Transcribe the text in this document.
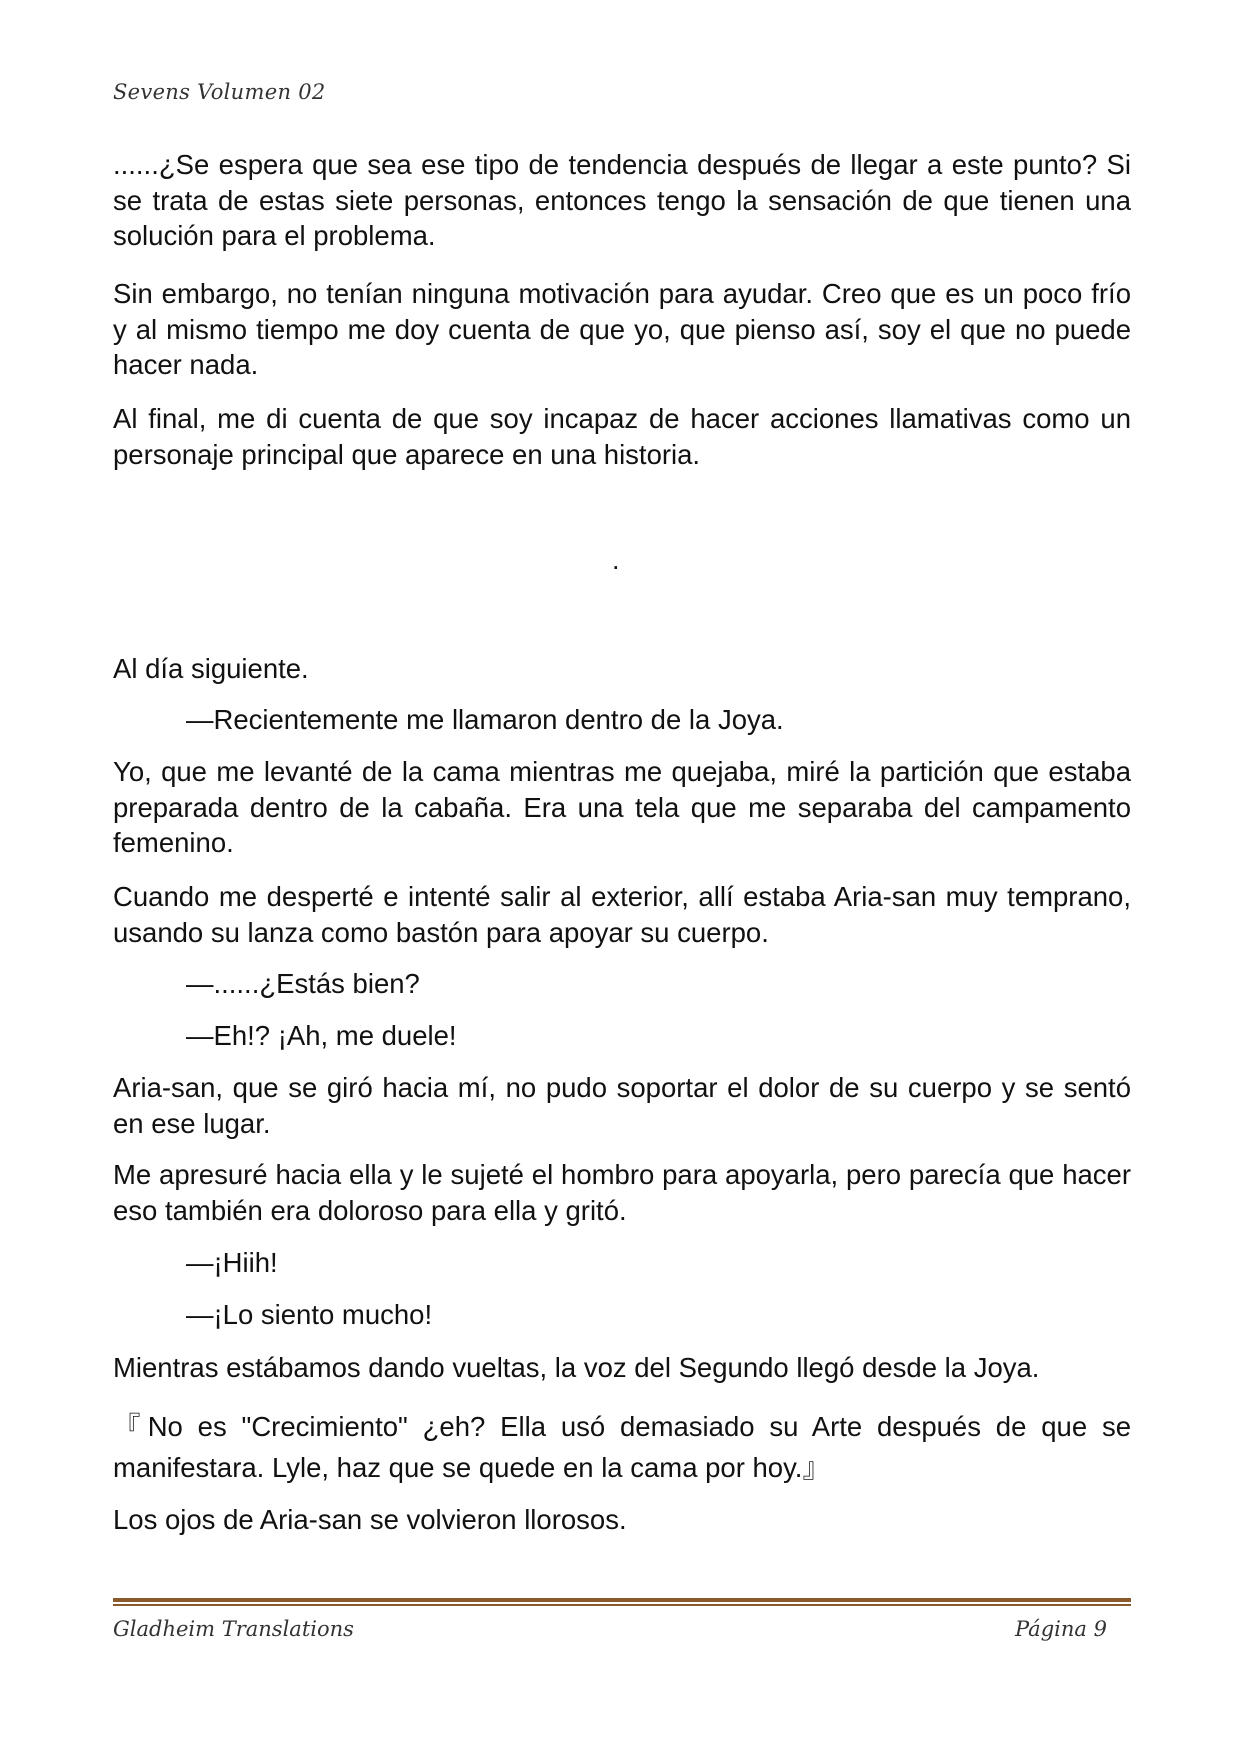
Sevens Volumen 02

......¿Se espera que sea ese tipo de tendencia después de llegar a este punto? Si se trata de estas siete personas, entonces tengo la sensación de que tienen una solución para el problema.

Sin embargo, no tenían ninguna motivación para ayudar. Creo que es un poco frío y al mismo tiempo me doy cuenta de que yo, que pienso así, soy el que no puede hacer nada.

Al final, me di cuenta de que soy incapaz de hacer acciones llamativas como un personaje principal que aparece en una historia.

.

Al día siguiente.

—Recientemente me llamaron dentro de la Joya.

Yo, que me levanté de la cama mientras me quejaba, miré la partición que estaba preparada dentro de la cabaña. Era una tela que me separaba del campamento femenino.

Cuando me desperté e intenté salir al exterior, allí estaba Aria-san muy temprano, usando su lanza como bastón para apoyar su cuerpo.

—......¿Estás bien?

—Eh!? ¡Ah, me duele!

Aria-san, que se giró hacia mí, no pudo soportar el dolor de su cuerpo y se sentó en ese lugar.

Me apresuré hacia ella y le sujeté el hombro para apoyarla, pero parecía que hacer eso también era doloroso para ella y gritó.

—¡Hiih!

—¡Lo siento mucho!

Mientras estábamos dando vueltas, la voz del Segundo llegó desde la Joya.

『No es "Crecimiento" ¿eh? Ella usó demasiado su Arte después de que se manifestara. Lyle, haz que se quede en la cama por hoy.』

Los ojos de Aria-san se volvieron llorosos.

Gladheim Translations	Página 9
